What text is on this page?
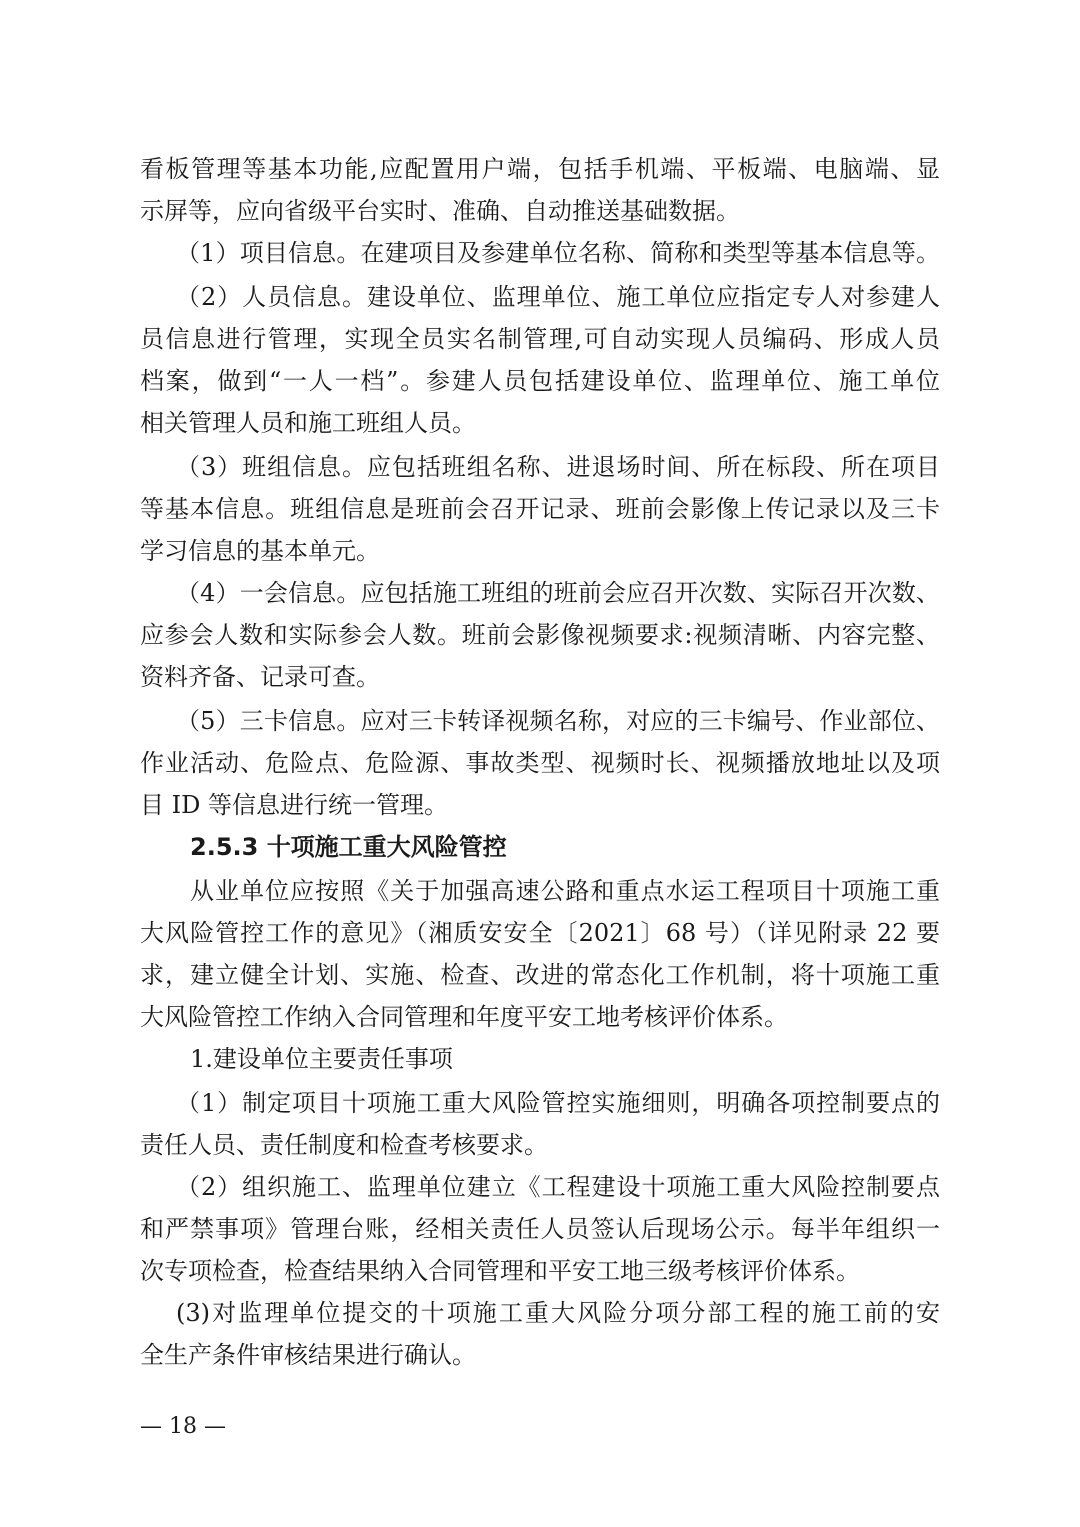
看板管理等基本功能,应配置用户端，包括手机端、平板端、电脑端、显
示屏等，应向省级平台实时、准确、自动推送基础数据。
（1）项目信息。在建项目及参建单位名称、简称和类型等基本信息等。
（2）人员信息。建设单位、监理单位、施工单位应指定专人对参建人
员信息进行管理，实现全员实名制管理,可自动实现人员编码、形成人员
档案，做到“一人一档”。参建人员包括建设单位、监理单位、施工单位
相关管理人员和施工班组人员。
（3）班组信息。应包括班组名称、进退场时间、所在标段、所在项目
等基本信息。班组信息是班前会召开记录、班前会影像上传记录以及三卡
学习信息的基本单元。
（4）一会信息。应包括施工班组的班前会应召开次数、实际召开次数、
应参会人数和实际参会人数。班前会影像视频要求:视频清晰、内容完整、
资料齐备、记录可查。
（5）三卡信息。应对三卡转译视频名称，对应的三卡编号、作业部位、
作业活动、危险点、危险源、事故类型、视频时长、视频播放地址以及项
目 ID 等信息进行统一管理。
2.5.3 十项施工重大风险管控
从业单位应按照《关于加强高速公路和重点水运工程项目十项施工重
大风险管控工作的意见》（湘质安安全〔2021〕68 号）（详见附录 22 要
求，建立健全计划、实施、检查、改进的常态化工作机制，将十项施工重
大风险管控工作纳入合同管理和年度平安工地考核评价体系。
1.建设单位主要责任事项
（1）制定项目十项施工重大风险管控实施细则，明确各项控制要点的
责任人员、责任制度和检查考核要求。
（2）组织施工、监理单位建立《工程建设十项施工重大风险控制要点
和严禁事项》管理台账，经相关责任人员签认后现场公示。每半年组织一
次专项检查，检查结果纳入合同管理和平安工地三级考核评价体系。
(3)对监理单位提交的十项施工重大风险分项分部工程的施工前的安
全生产条件审核结果进行确认。
— 18 —
